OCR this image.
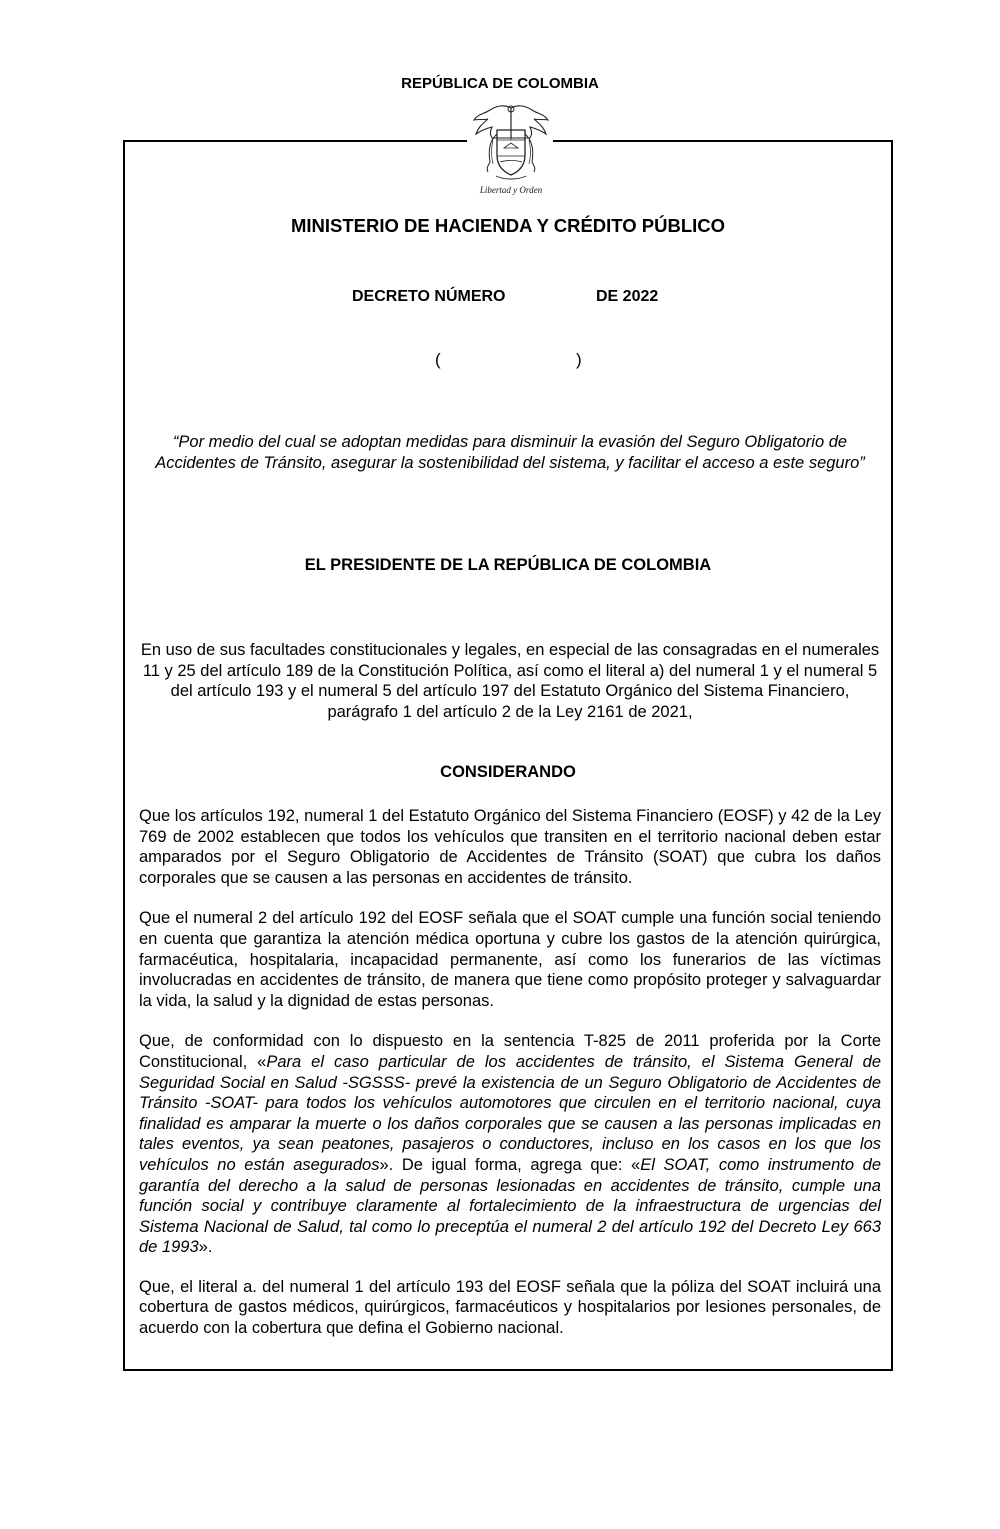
REPÚBLICA DE COLOMBIA
Libertad y Orden
MINISTERIO DE HACIENDA Y CRÉDITO PÚBLICO
DECRETO NÚMERO	DE 2022
(	)
“Por medio del cual se adoptan medidas para disminuir la evasión del Seguro Obligatorio de Accidentes de Tránsito, asegurar la sostenibilidad del sistema, y facilitar el acceso a este seguro”
EL PRESIDENTE DE LA REPÚBLICA DE COLOMBIA
En uso de sus facultades constitucionales y legales, en especial de las consagradas en el numerales 11 y 25 del artículo 189 de la Constitución Política, así como el literal a) del numeral 1 y el numeral 5 del artículo 193 y el numeral 5 del artículo 197 del Estatuto Orgánico del Sistema Financiero, parágrafo 1 del artículo 2 de la Ley 2161 de 2021,
CONSIDERANDO

Que los artículos 192, numeral 1 del Estatuto Orgánico del Sistema Financiero (EOSF) y 42 de la Ley 769 de 2002 establecen que todos los vehículos que transiten en el territorio nacional deben estar amparados por el Seguro Obligatorio de Accidentes de Tránsito (SOAT) que cubra los daños corporales que se causen a las personas en accidentes de tránsito.

Que el numeral 2 del artículo 192 del EOSF señala que el SOAT cumple una función social teniendo en cuenta que garantiza la atención médica oportuna y cubre los gastos de la atención quirúrgica, farmacéutica, hospitalaria, incapacidad permanente, así como los funerarios de las víctimas involucradas en accidentes de tránsito, de manera que tiene como propósito proteger y salvaguardar la vida, la salud y la dignidad de estas personas.

Que, de conformidad con lo dispuesto en la sentencia T-825 de 2011 proferida por la Corte Constitucional, «Para el caso particular de los accidentes de tránsito, el Sistema General de Seguridad Social en Salud -SGSSS- prevé la existencia de un Seguro Obligatorio de Accidentes de Tránsito -SOAT- para todos los vehículos automotores que circulen en el territorio nacional, cuya finalidad es amparar la muerte o los daños corporales que se causen a las personas implicadas en tales eventos, ya sean peatones, pasajeros o conductores, incluso en los casos en los que los vehículos no están asegurados». De igual forma, agrega que: «El SOAT, como instrumento de garantía del derecho a la salud de personas lesionadas en accidentes de tránsito, cumple una función social y contribuye claramente al fortalecimiento de la infraestructura de urgencias del Sistema Nacional de Salud, tal como lo preceptúa el numeral 2 del artículo 192 del Decreto Ley 663 de 1993».

Que, el literal a. del numeral 1 del artículo 193 del EOSF señala que la póliza del SOAT incluirá una cobertura de gastos médicos, quirúrgicos, farmacéuticos y hospitalarios por lesiones personales, de acuerdo con la cobertura que defina el Gobierno nacional.
